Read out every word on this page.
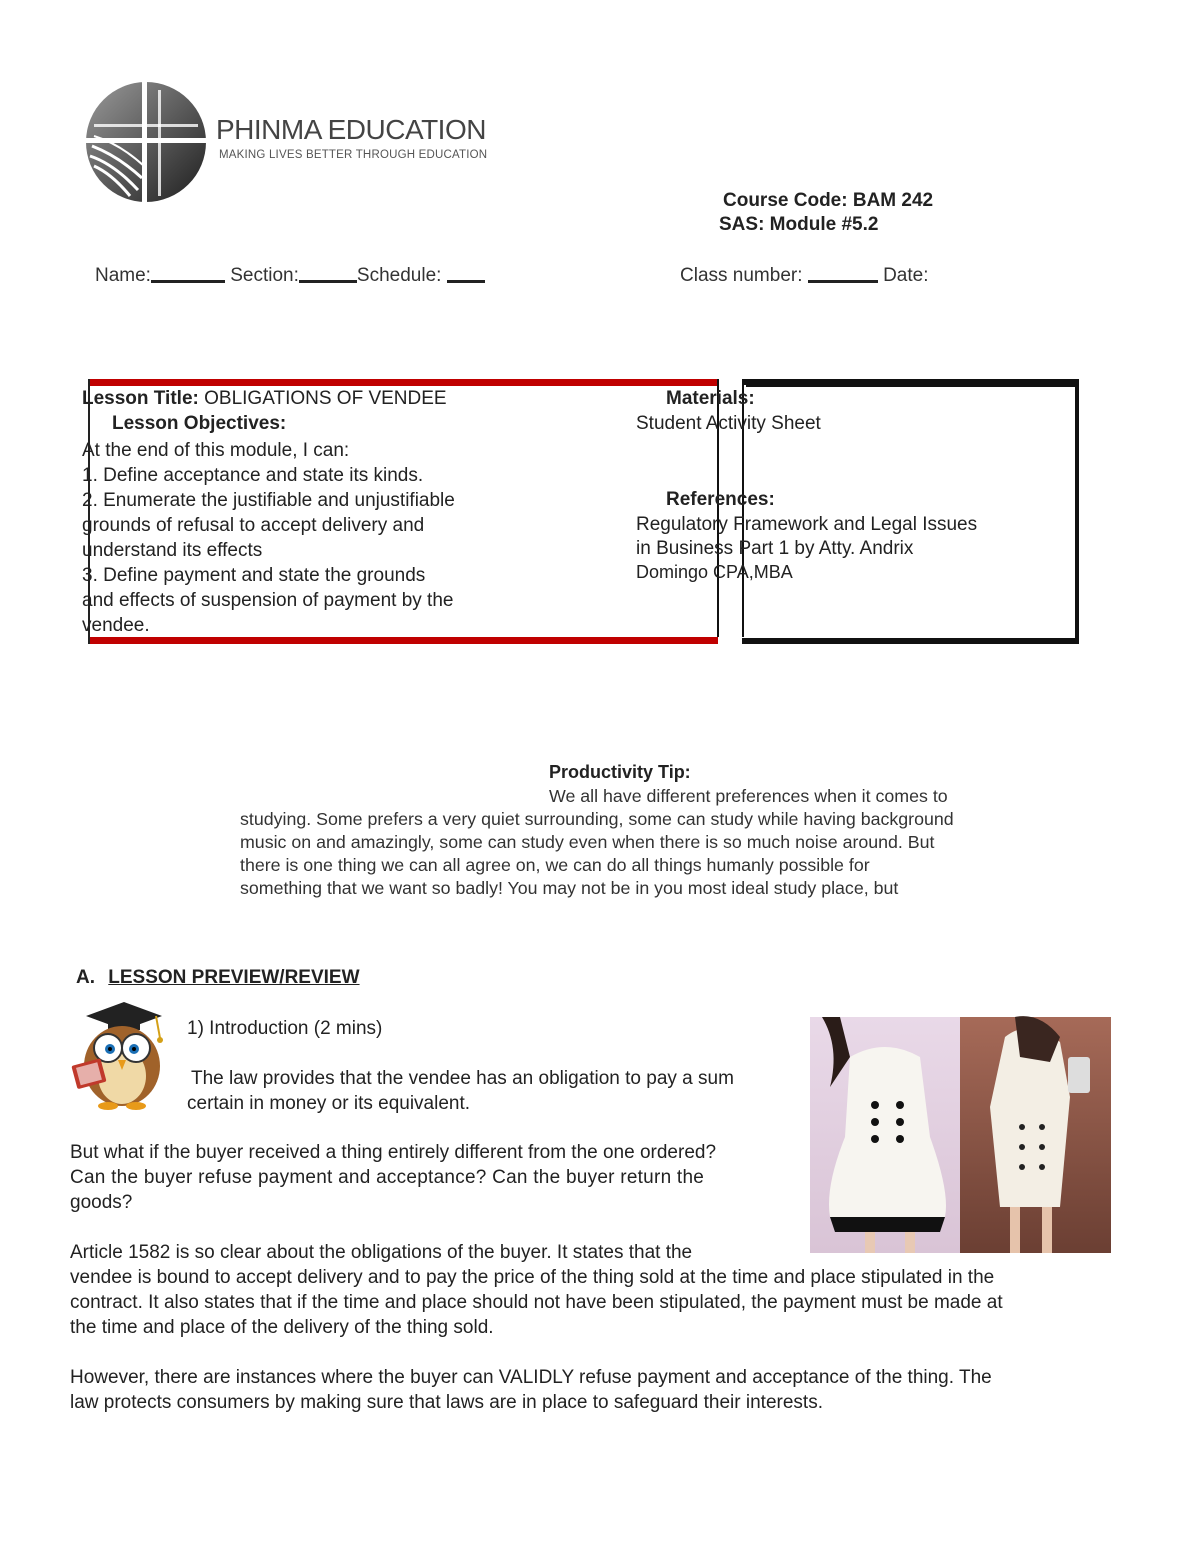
PHINMA EDUCATION
MAKING LIVES BETTER THROUGH EDUCATION
Course Code: BAM 242
SAS: Module #5.2
Name:	Section:	Schedule:	Class number:	Date:
Lesson Title: OBLIGATIONS OF VENDEE
Lesson Objectives:
At the end of this module, I can:
1. Define acceptance and state its kinds.
2. Enumerate the justifiable and unjustifiable
grounds of refusal to accept delivery and
understand its effects
3. Define payment and state the grounds
and effects of suspension of payment by the
vendee.
Materials:
Student Activity Sheet
References:
Regulatory Framework and Legal Issues
in Business Part 1 by Atty. Andrix
Domingo CPA,MBA
Productivity Tip:
We all have different preferences when it comes to
studying. Some prefers a very quiet surrounding, some can study while having background
music on and amazingly, some can study even when there is so much noise around. But
there is one thing we can all agree on, we can do all things humanly possible for
something that we want so badly! You may not be in you most ideal study place, but
A. LESSON PREVIEW/REVIEW
1) Introduction (2 mins)
The law provides that the vendee has an obligation to pay a sum
certain in money or its equivalent.
But what if the buyer received a thing entirely different from the one ordered?
Can the buyer refuse payment and acceptance? Can the buyer return the
goods?
Article 1582 is so clear about the obligations of the buyer. It states that the
vendee is bound to accept delivery and to pay the price of the thing sold at the time and place stipulated in the
contract. It also states that if the time and place should not have been stipulated, the payment must be made at
the time and place of the delivery of the thing sold.
However, there are instances where the buyer can VALIDLY refuse payment and acceptance of the thing. The
law protects consumers by making sure that laws are in place to safeguard their interests.
